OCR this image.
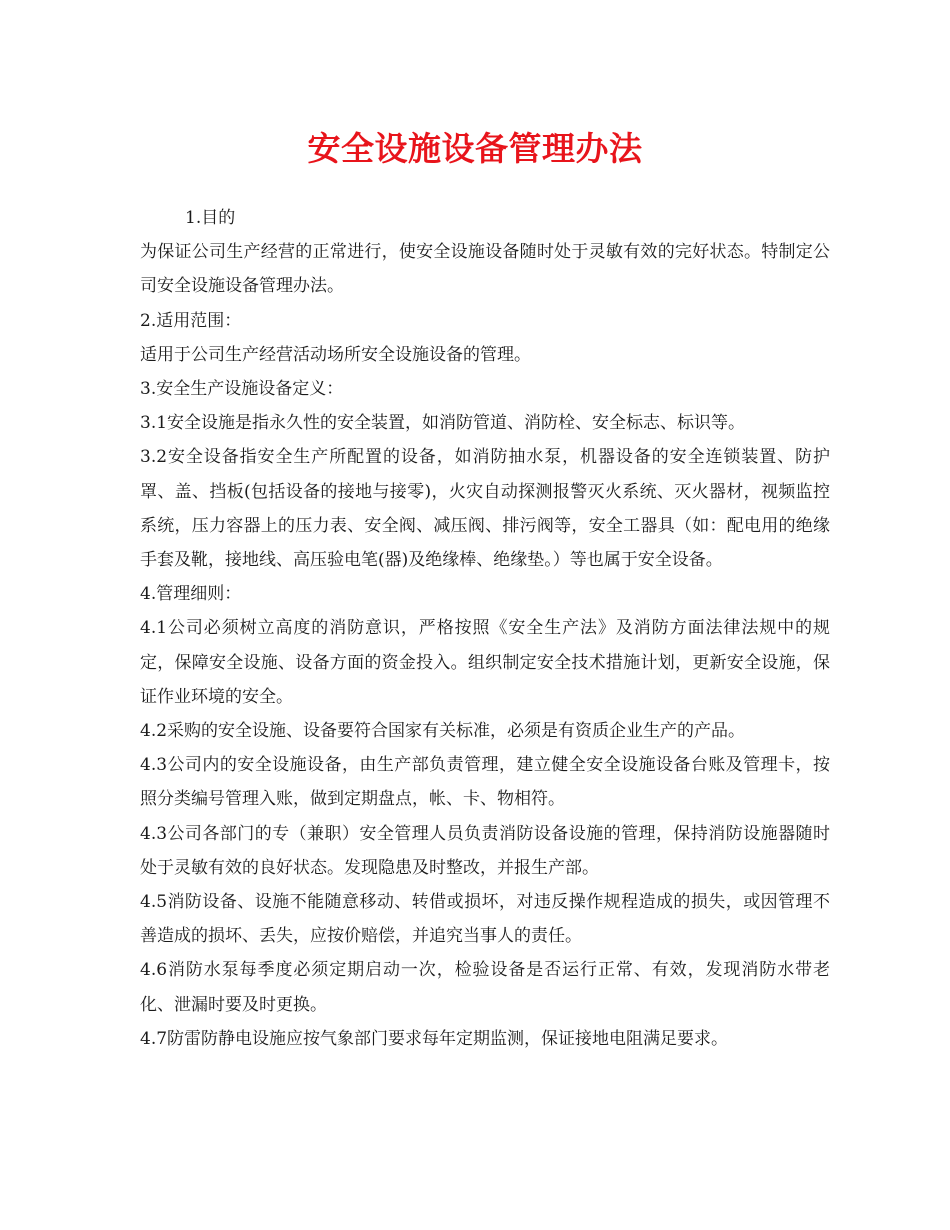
安全设施设备管理办法

1.目的

为保证公司生产经营的正常进行，使安全设施设备随时处于灵敏有效的完好状态。特制定公司安全设施设备管理办法。

2.适用范围：

适用于公司生产经营活动场所安全设施设备的管理。

3.安全生产设施设备定义：

3.1安全设施是指永久性的安全装置，如消防管道、消防栓、安全标志、标识等。

3.2安全设备指安全生产所配置的设备，如消防抽水泵，机器设备的安全连锁装置、防护罩、盖、挡板(包括设备的接地与接零)，火灾自动探测报警灭火系统、灭火器材，视频监控系统，压力容器上的压力表、安全阀、减压阀、排污阀等，安全工器具（如：配电用的绝缘手套及靴，接地线、高压验电笔(器)及绝缘棒、绝缘垫。）等也属于安全设备。

4.管理细则：

4.1公司必须树立高度的消防意识，严格按照《安全生产法》及消防方面法律法规中的规定，保障安全设施、设备方面的资金投入。组织制定安全技术措施计划，更新安全设施，保证作业环境的安全。

4.2采购的安全设施、设备要符合国家有关标准，必须是有资质企业生产的产品。

4.3公司内的安全设施设备，由生产部负责管理，建立健全安全设施设备台账及管理卡，按照分类编号管理入账，做到定期盘点，帐、卡、物相符。

4.3公司各部门的专（兼职）安全管理人员负责消防设备设施的管理，保持消防设施器随时处于灵敏有效的良好状态。发现隐患及时整改，并报生产部。

4.5消防设备、设施不能随意移动、转借或损坏，对违反操作规程造成的损失，或因管理不善造成的损坏、丢失，应按价赔偿，并追究当事人的责任。

4.6消防水泵每季度必须定期启动一次，检验设备是否运行正常、有效，发现消防水带老化、泄漏时要及时更换。

4.7防雷防静电设施应按气象部门要求每年定期监测，保证接地电阻满足要求。
